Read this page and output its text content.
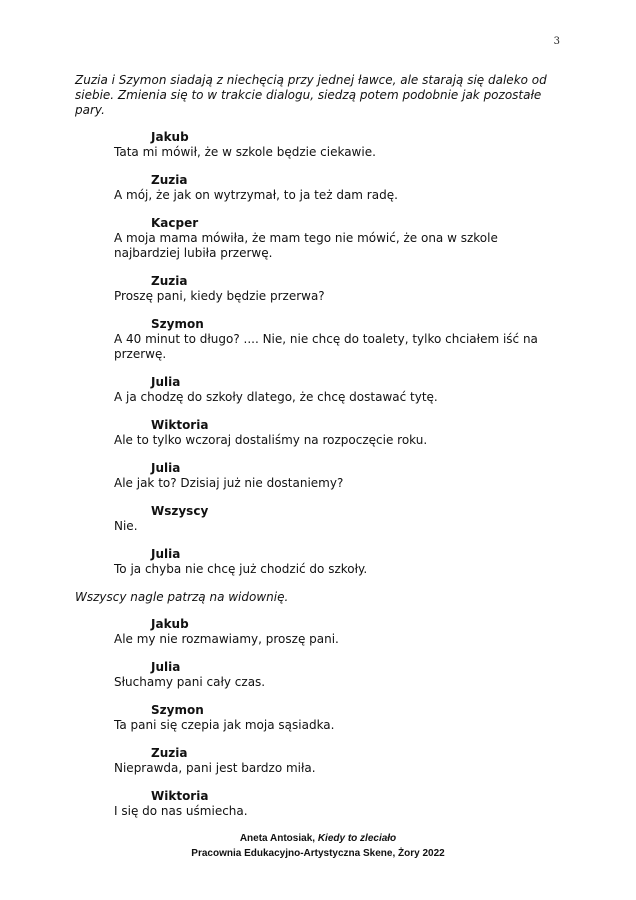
3

Zuzia i Szymon siadają z niechęcią przy jednej ławce, ale starają się daleko od siebie. Zmienia się to w trakcie dialogu, siedzą potem podobnie jak pozostałe pary.

Jakub
Tata mi mówił, że w szkole będzie ciekawie.
Zuzia
A mój, że jak on wytrzymał, to ja też dam radę.
Kacper
A moja mama mówiła, że mam tego nie mówić, że ona w szkole najbardziej lubiła przerwę.
Zuzia
Proszę pani, kiedy będzie przerwa?
Szymon
A 40 minut to długo? .... Nie, nie chcę do toalety, tylko chciałem iść na przerwę.
Julia
A ja chodzę do szkoły dlatego, że chcę dostawać tytę.
Wiktoria
Ale to tylko wczoraj dostaliśmy na rozpoczęcie roku.
Julia
Ale jak to? Dzisiaj już nie dostaniemy?
Wszyscy
Nie.
Julia
To ja chyba nie chcę już chodzić do szkoły.

Wszyscy nagle patrzą na widownię.

Jakub
Ale my nie rozmawiamy, proszę pani.
Julia
Słuchamy pani cały czas.
Szymon
Ta pani się czepia jak moja sąsiadka.
Zuzia
Nieprawda, pani jest bardzo miła.
Wiktoria
I się do nas uśmiecha.
Aneta Antosiak, Kiedy to zleciało
Pracownia Edukacyjno-Artystyczna Skene, Żory 2022
